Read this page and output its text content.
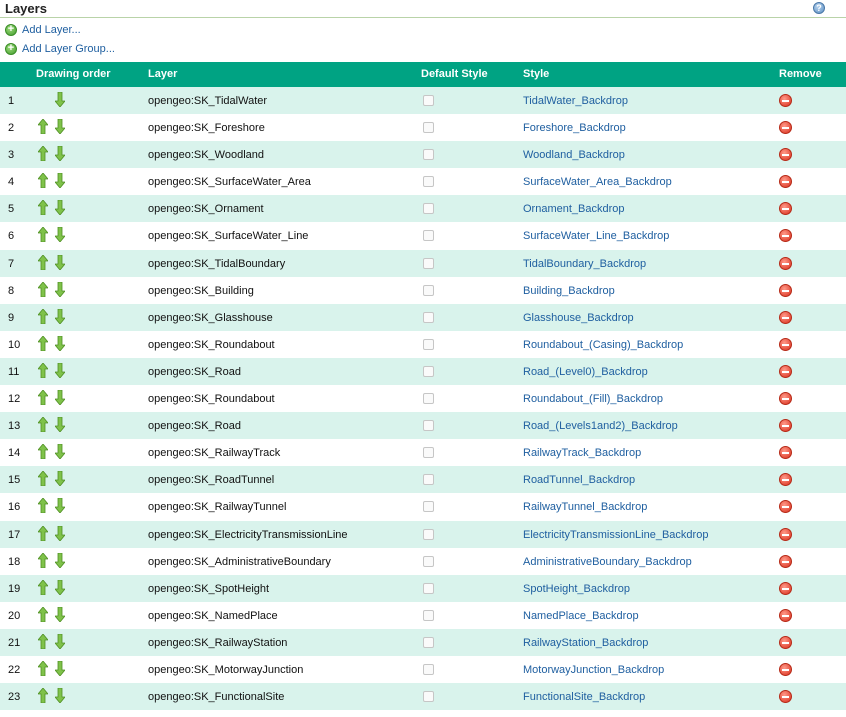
Layers	?
+ Add Layer...
+ Add Layer Group...
Drawing order	Layer	Default Style	Style	Remove
1	opengeo:SK_TidalWater	TidalWater_Backdrop
2	opengeo:SK_Foreshore	Foreshore_Backdrop
3	opengeo:SK_Woodland	Woodland_Backdrop
4	opengeo:SK_SurfaceWater_Area	SurfaceWater_Area_Backdrop
5	opengeo:SK_Ornament	Ornament_Backdrop
6	opengeo:SK_SurfaceWater_Line	SurfaceWater_Line_Backdrop
7	opengeo:SK_TidalBoundary	TidalBoundary_Backdrop
8	opengeo:SK_Building	Building_Backdrop
9	opengeo:SK_Glasshouse	Glasshouse_Backdrop
10	opengeo:SK_Roundabout	Roundabout_(Casing)_Backdrop
11	opengeo:SK_Road	Road_(Level0)_Backdrop
12	opengeo:SK_Roundabout	Roundabout_(Fill)_Backdrop
13	opengeo:SK_Road	Road_(Levels1and2)_Backdrop
14	opengeo:SK_RailwayTrack	RailwayTrack_Backdrop
15	opengeo:SK_RoadTunnel	RoadTunnel_Backdrop
16	opengeo:SK_RailwayTunnel	RailwayTunnel_Backdrop
17	opengeo:SK_ElectricityTransmissionLine	ElectricityTransmissionLine_Backdrop
18	opengeo:SK_AdministrativeBoundary	AdministrativeBoundary_Backdrop
19	opengeo:SK_SpotHeight	SpotHeight_Backdrop
20	opengeo:SK_NamedPlace	NamedPlace_Backdrop
21	opengeo:SK_RailwayStation	RailwayStation_Backdrop
22	opengeo:SK_MotorwayJunction	MotorwayJunction_Backdrop
23	opengeo:SK_FunctionalSite	FunctionalSite_Backdrop
